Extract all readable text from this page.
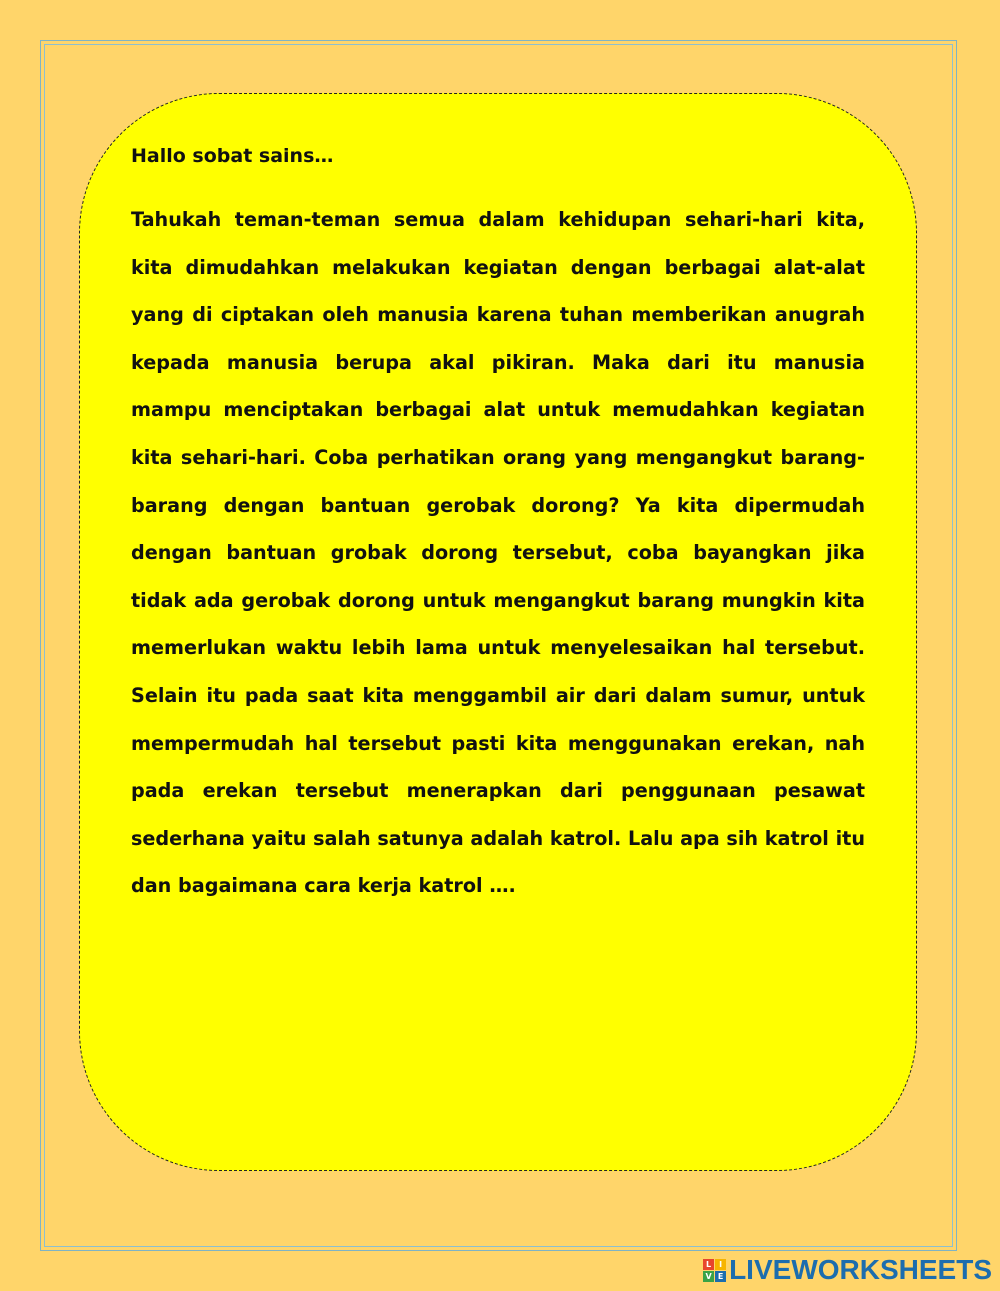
Hallo sobat sains…

Tahukah teman-teman semua dalam kehidupan sehari-hari kita, kita dimudahkan melakukan kegiatan dengan berbagai alat-alat yang di ciptakan oleh manusia karena tuhan memberikan anugrah kepada manusia berupa akal pikiran. Maka dari itu manusia mampu menciptakan berbagai alat untuk memudahkan kegiatan kita sehari-hari. Coba perhatikan orang yang mengangkut barang-barang dengan bantuan gerobak dorong? Ya kita dipermudah dengan bantuan grobak dorong tersebut, coba bayangkan jika tidak ada gerobak dorong untuk mengangkut barang mungkin kita memerlukan waktu lebih lama untuk menyelesaikan hal tersebut. Selain itu pada saat kita menggambil air dari dalam sumur, untuk mempermudah hal tersebut pasti kita menggunakan erekan, nah pada erekan tersebut menerapkan dari penggunaan pesawat sederhana yaitu salah satunya adalah katrol. Lalu apa sih katrol itu dan bagaimana cara kerja katrol ….

L I
V E LIVEWORKSHEETS
